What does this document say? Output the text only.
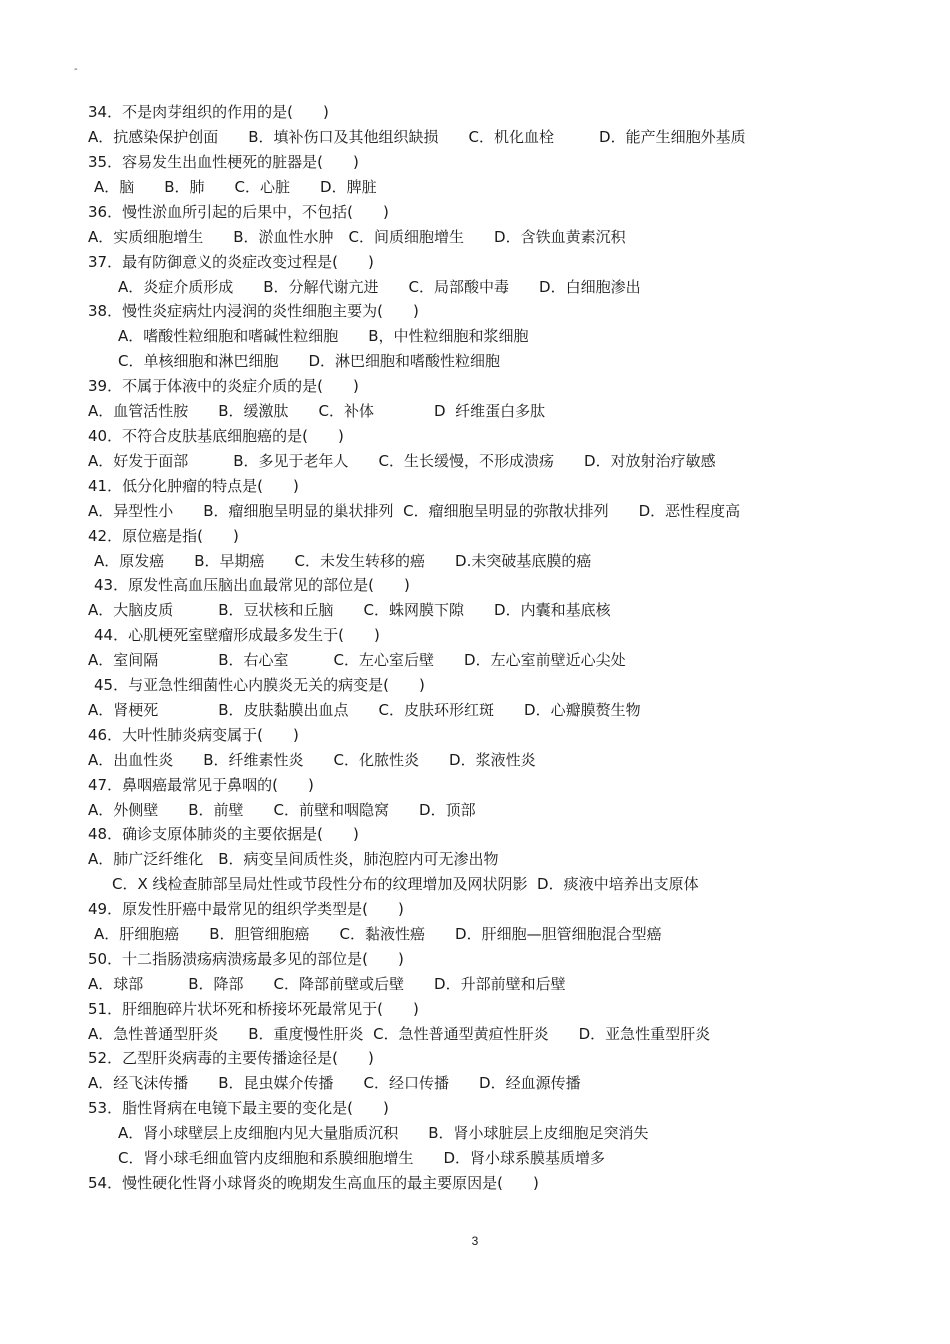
-
34．不是肉芽组织的作用的是(　　)
A．抗感染保护创面　　B．填补伤口及其他组织缺损　　C．机化血栓　　　D．能产生细胞外基质
35．容易发生出血性梗死的脏器是(　　)
A．脑　　B．肺　　C．心脏　　D．脾脏
36．慢性淤血所引起的后果中，不包括(　　)
A．实质细胞增生　　B．淤血性水肿　C．间质细胞增生　　D．含铁血黄素沉积
37．最有防御意义的炎症改变过程是(　　)
A．炎症介质形成　　B．分解代谢亢进　　C．局部酸中毒　　D．白细胞渗出
38．慢性炎症病灶内浸润的炎性细胞主要为(　　)
A．嗜酸性粒细胞和嗜碱性粒细胞　　B，中性粒细胞和浆细胞
C．单核细胞和淋巴细胞　　D．淋巴细胞和嗜酸性粒细胞
39．不属于体液中的炎症介质的是(　　)
A．血管活性胺　　B．缓激肽　　C．补体　　　　D  纤维蛋白多肽
40．不符合皮肤基底细胞癌的是(　　)
A．好发于面部　　　B．多见于老年人　　C．生长缓慢，不形成溃疡　　D．对放射治疗敏感
41．低分化肿瘤的特点是(　　)
A．异型性小　　B．瘤细胞呈明显的巢状排列  C．瘤细胞呈明显的弥散状排列　　D．恶性程度高
42．原位癌是指(　　)
A．原发癌　　B．早期癌　　C．未发生转移的癌　　D.未突破基底膜的癌
43．原发性高血压脑出血最常见的部位是(　　)
A．大脑皮质　　　B．豆状核和丘脑　　C．蛛网膜下隙　　D．内囊和基底核
44．心肌梗死室壁瘤形成最多发生于(　　)
A．室间隔　　　　B．右心室　　　C．左心室后壁　　D．左心室前壁近心尖处
45．与亚急性细菌性心内膜炎无关的病变是(　　)
A．肾梗死　　　　B．皮肤黏膜出血点　　C．皮肤环形红斑　　D．心瓣膜赘生物
46．大叶性肺炎病变属于(　　)
A．出血性炎　　B．纤维素性炎　　C．化脓性炎　　D．浆液性炎
47．鼻咽癌最常见于鼻咽的(　　)
A．外侧壁　　B．前壁　　C．前壁和咽隐窝　　D．顶部
48．确诊支原体肺炎的主要依据是(　　)
A．肺广泛纤维化　B．病变呈间质性炎，肺泡腔内可无渗出物
C．X 线检查肺部呈局灶性或节段性分布的纹理增加及网状阴影  D．痰液中培养出支原体
49．原发性肝癌中最常见的组织学类型是(　　)
A．肝细胞癌　　B．胆管细胞癌　　C．黏液性癌　　D．肝细胞—胆管细胞混合型癌
50．十二指肠溃疡病溃疡最多见的部位是(　　)
A．球部　　　B．降部　　C．降部前壁或后壁　　D．升部前壁和后壁
51．肝细胞碎片状坏死和桥接坏死最常见于(　　)
A．急性普通型肝炎　　B．重度慢性肝炎  C．急性普通型黄疸性肝炎　　D．亚急性重型肝炎
52．乙型肝炎病毒的主要传播途径是(　　)
A．经飞沫传播　　B．昆虫媒介传播　　C．经口传播　　D．经血源传播
53．脂性肾病在电镜下最主要的变化是(　　)
A．肾小球壁层上皮细胞内见大量脂质沉积　　B．肾小球脏层上皮细胞足突消失
C．肾小球毛细血管内皮细胞和系膜细胞增生　　D．肾小球系膜基质增多
54．慢性硬化性肾小球肾炎的晚期发生高血压的最主要原因是(　　)
3
